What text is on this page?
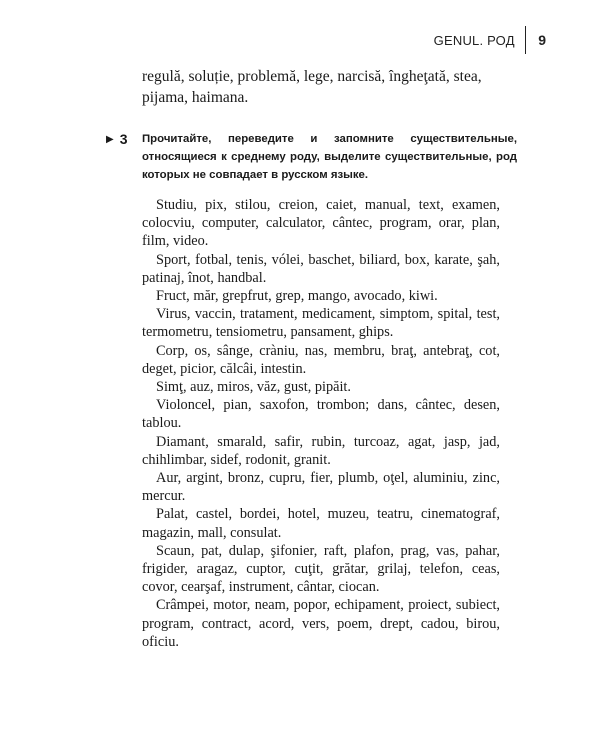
GENUL. РОД 9
regulă, soluție, problemă, lege, narcisă, îngheţată, stea, pijama, haimana.
▶ 3 Прочитайте, переведите и запомните существительные, относящиеся к среднему роду, выделите существительные, род которых не совпадает в русском языке.

Studiu, pix, stilou, creion, caiet, manual, text, examen, colocviu, computer, calculator, cântec, program, orar, plan, film, video.

Sport, fotbal, tenis, vólei, baschet, biliard, box, karate, şah, patinaj, înot, handbal.

Fruct, măr, grepfrut, grep, mango, avocado, kiwi.

Virus, vaccin, tratament, medicament, simptom, spital, test, termometru, tensiometru, pansament, ghips.

Corp, os, sânge, cràniu, nas, membru, braţ, antebraţ, cot, deget, picior, călcâi, intestin.

Simţ, auz, miros, văz, gust, pipăit.

Violoncel, pian, saxofon, trombon; dans, cântec, desen, tablou.

Diamant, smarald, safir, rubin, turcoaz, agat, jasp, jad, chihlimbar, sidef, rodonit, granit.

Aur, argint, bronz, cupru, fier, plumb, oţel, aluminiu, zinc, mercur.

Palat, castel, bordei, hotel, muzeu, teatru, cinematograf, magazin, mall, consulat.

Scaun, pat, dulap, şifonier, raft, plafon, prag, vas, pahar, frigider, aragaz, cuptor, cuţit, grătar, grilaj, telefon, ceas, covor, cearşaf, instrument, cântar, ciocan.

Crâmpei, motor, neam, popor, echipament, proiect, subiect, program, contract, acord, vers, poem, drept, cadou, birou, oficiu.
